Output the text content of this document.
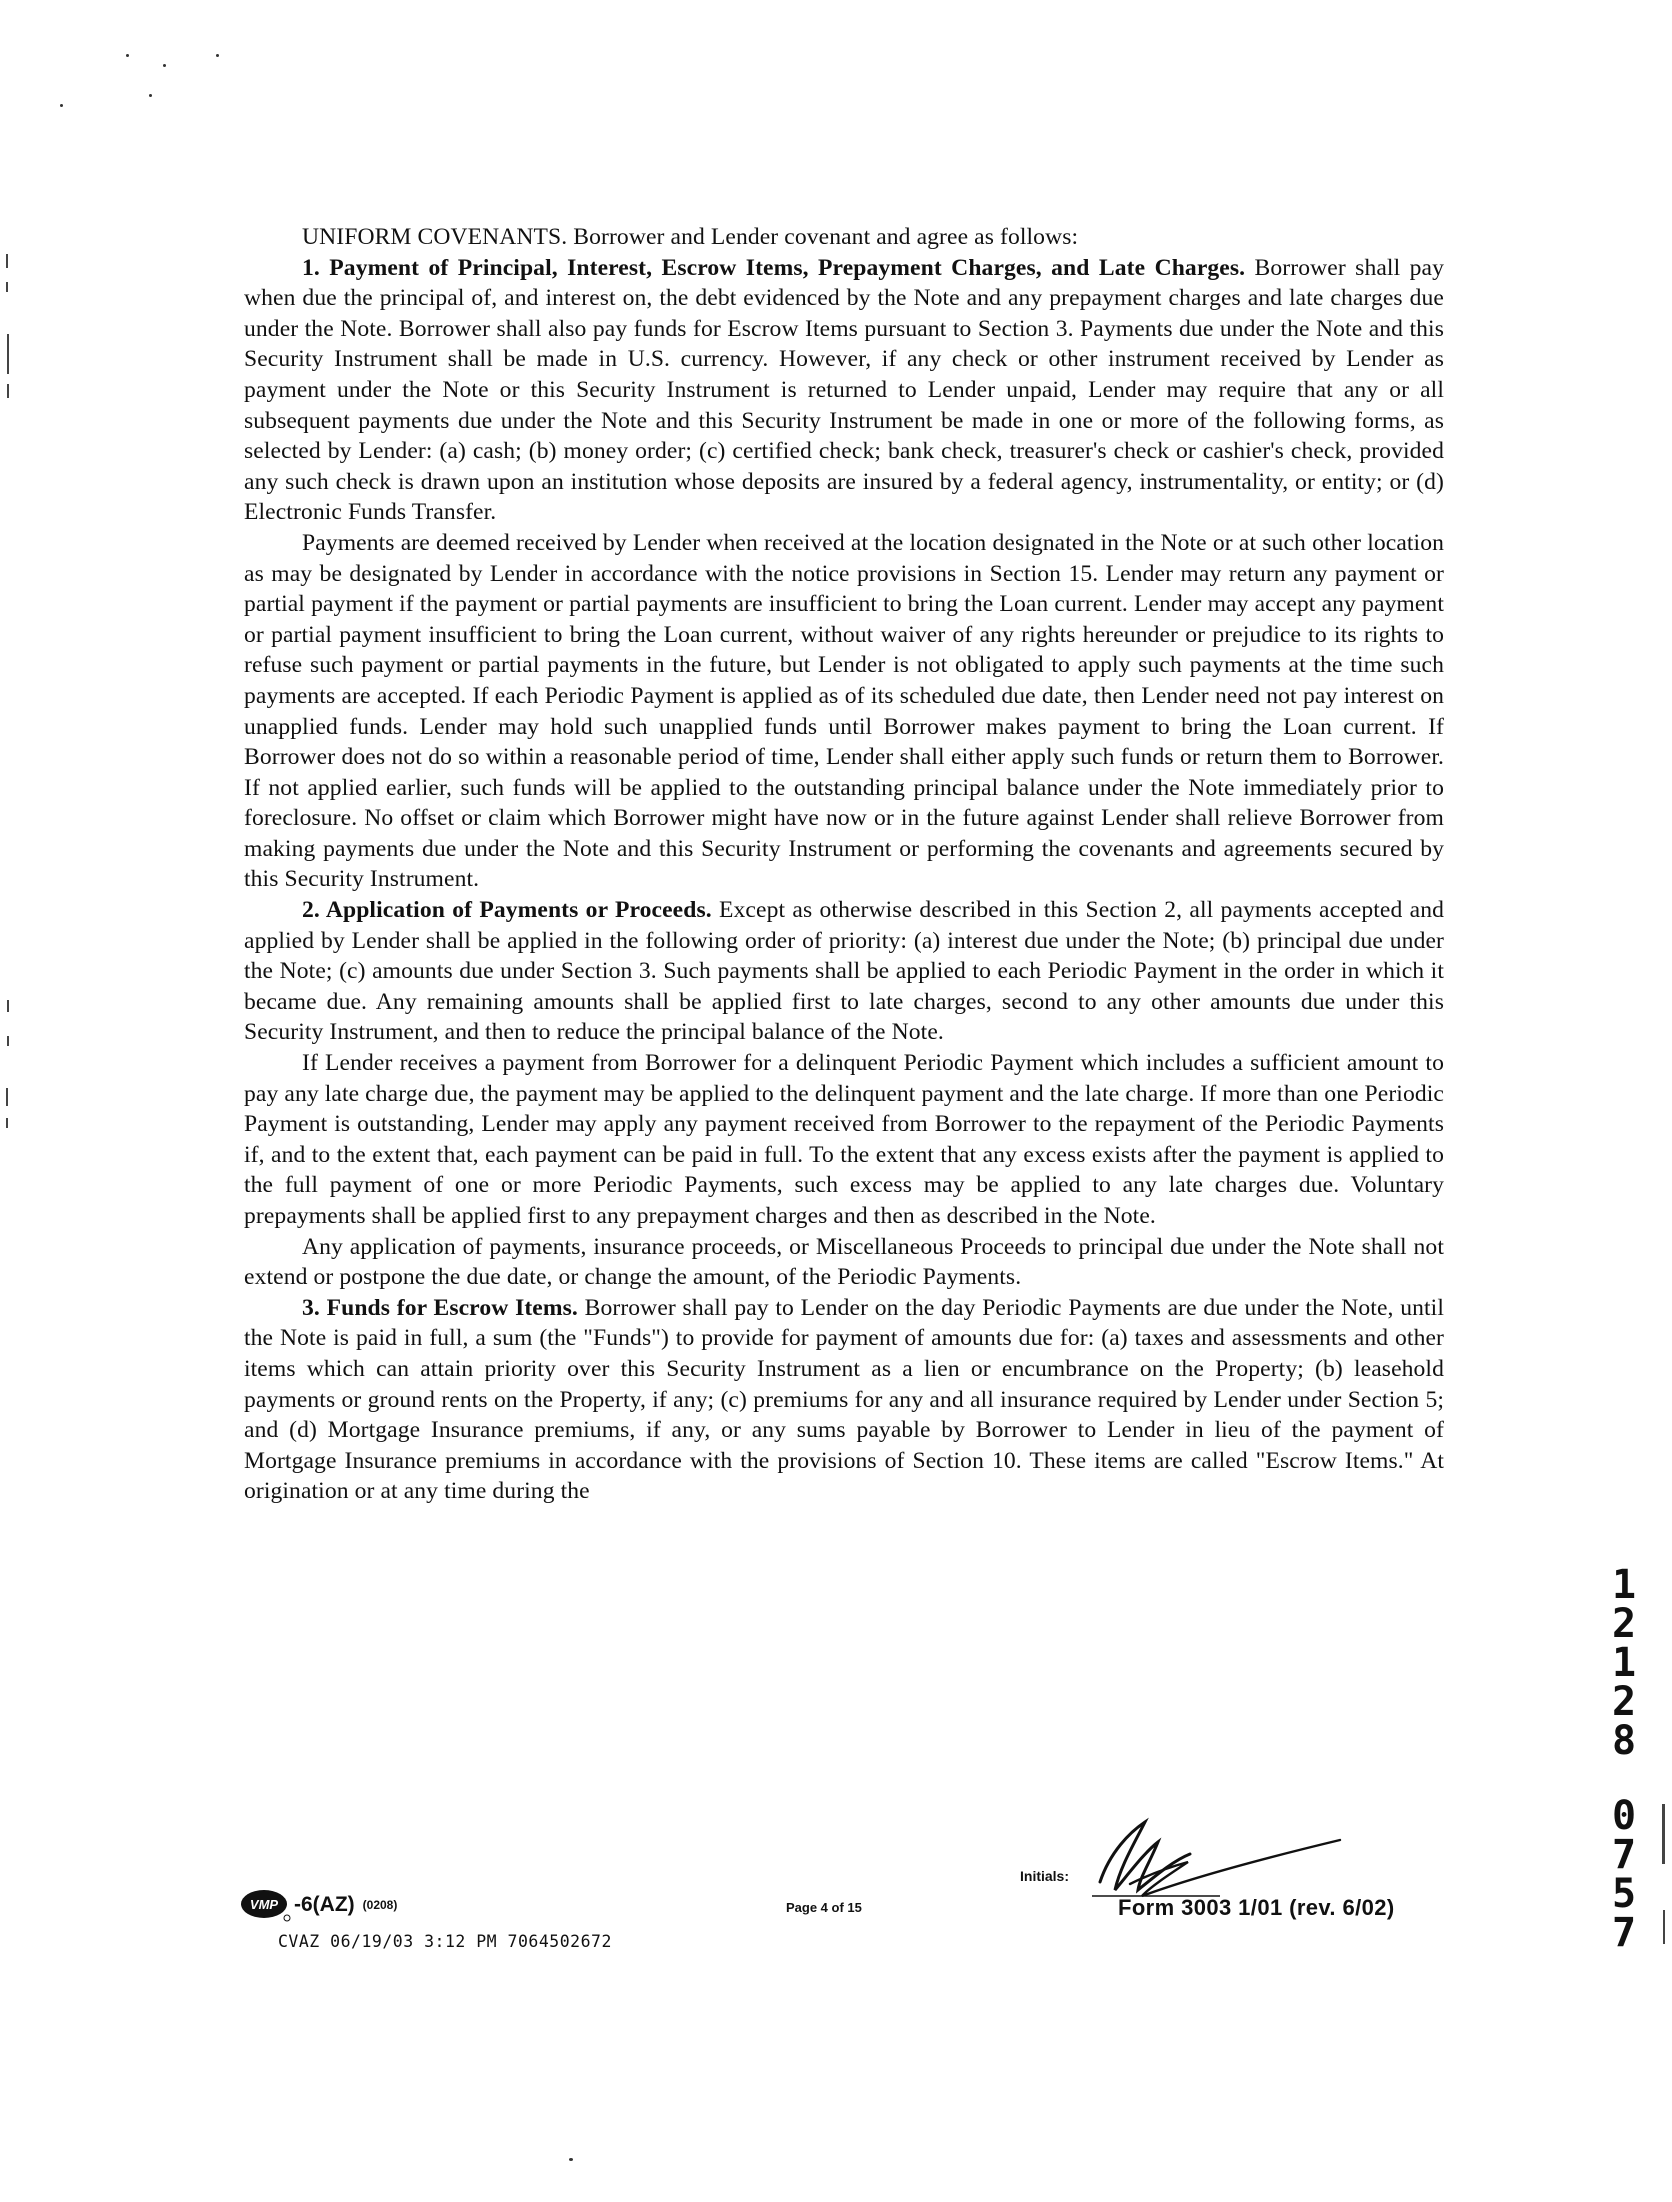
UNIFORM COVENANTS. Borrower and Lender covenant and agree as follows:

1. Payment of Principal, Interest, Escrow Items, Prepayment Charges, and Late Charges. Borrower shall pay when due the principal of, and interest on, the debt evidenced by the Note and any prepayment charges and late charges due under the Note. Borrower shall also pay funds for Escrow Items pursuant to Section 3. Payments due under the Note and this Security Instrument shall be made in U.S. currency. However, if any check or other instrument received by Lender as payment under the Note or this Security Instrument is returned to Lender unpaid, Lender may require that any or all subsequent payments due under the Note and this Security Instrument be made in one or more of the following forms, as selected by Lender: (a) cash; (b) money order; (c) certified check; bank check, treasurer's check or cashier's check, provided any such check is drawn upon an institution whose deposits are insured by a federal agency, instrumentality, or entity; or (d) Electronic Funds Transfer.

Payments are deemed received by Lender when received at the location designated in the Note or at such other location as may be designated by Lender in accordance with the notice provisions in Section 15. Lender may return any payment or partial payment if the payment or partial payments are insufficient to bring the Loan current. Lender may accept any payment or partial payment insufficient to bring the Loan current, without waiver of any rights hereunder or prejudice to its rights to refuse such payment or partial payments in the future, but Lender is not obligated to apply such payments at the time such payments are accepted. If each Periodic Payment is applied as of its scheduled due date, then Lender need not pay interest on unapplied funds. Lender may hold such unapplied funds until Borrower makes payment to bring the Loan current. If Borrower does not do so within a reasonable period of time, Lender shall either apply such funds or return them to Borrower. If not applied earlier, such funds will be applied to the outstanding principal balance under the Note immediately prior to foreclosure. No offset or claim which Borrower might have now or in the future against Lender shall relieve Borrower from making payments due under the Note and this Security Instrument or performing the covenants and agreements secured by this Security Instrument.

2. Application of Payments or Proceeds. Except as otherwise described in this Section 2, all payments accepted and applied by Lender shall be applied in the following order of priority: (a) interest due under the Note; (b) principal due under the Note; (c) amounts due under Section 3. Such payments shall be applied to each Periodic Payment in the order in which it became due. Any remaining amounts shall be applied first to late charges, second to any other amounts due under this Security Instrument, and then to reduce the principal balance of the Note.

If Lender receives a payment from Borrower for a delinquent Periodic Payment which includes a sufficient amount to pay any late charge due, the payment may be applied to the delinquent payment and the late charge. If more than one Periodic Payment is outstanding, Lender may apply any payment received from Borrower to the repayment of the Periodic Payments if, and to the extent that, each payment can be paid in full. To the extent that any excess exists after the payment is applied to the full payment of one or more Periodic Payments, such excess may be applied to any late charges due. Voluntary prepayments shall be applied first to any prepayment charges and then as described in the Note.

Any application of payments, insurance proceeds, or Miscellaneous Proceeds to principal due under the Note shall not extend or postpone the due date, or change the amount, of the Periodic Payments.

3. Funds for Escrow Items. Borrower shall pay to Lender on the day Periodic Payments are due under the Note, until the Note is paid in full, a sum (the "Funds") to provide for payment of amounts due for: (a) taxes and assessments and other items which can attain priority over this Security Instrument as a lien or encumbrance on the Property; (b) leasehold payments or ground rents on the Property, if any; (c) premiums for any and all insurance required by Lender under Section 5; and (d) Mortgage Insurance premiums, if any, or any sums payable by Borrower to Lender in lieu of the payment of Mortgage Insurance premiums in accordance with the provisions of Section 10. These items are called "Escrow Items." At origination or at any time during the

1
2
1
2
8
0
7
5
7
VMP -6(AZ) (0208)
CVAZ 06/19/03 3:12 PM 7064502672
Page 4 of 15
Initials:
Form 3003 1/01 (rev. 6/02)
